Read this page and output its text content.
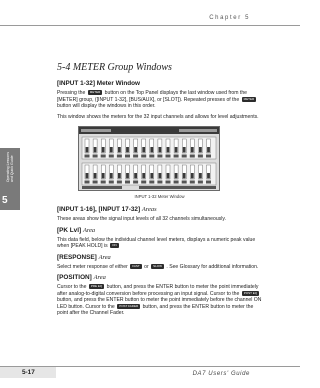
Chapter 5
Operating Lessons
and Quick Guide
5
5-4 METER Group Windows
[INPUT 1-32] Meter Window

Pressing the METER button on the Top Panel displays the last window used from the [METER] group, ([INPUT 1-32], [BUS/AUX], or [SLOT]). Repeated presses of the METER button will display the windows in this order.

This window shows the meters for the 32 input channels and allows for level adjustments.

INPUT 1-32 Meter Window
[INPUT 1-16], [INPUT 17-32] Areas

These areas show the signal input levels of all 32 channels simultaneously.

[PK Lvl] Area

This data field, below the individual channel level meters, displays a numeric peak value when [PEAK HOLD] is ON

[RESPONSE] Area

Select meter response of either FAST or SLOW . See Glossary for additional information.

[POSITION] Area

Cursor to the PRE EQ button, and press the ENTER button to meter the point immediately after analog-to-digital conversion before processing an input signal. Cursor to the POST EQ button, and press the ENTER button to meter the point immediately before the channel ON LED button. Cursor to the POST FADER button, and press the ENTER button to meter the point after the Channel Fader.

5-17	DA7 Users' Guide
